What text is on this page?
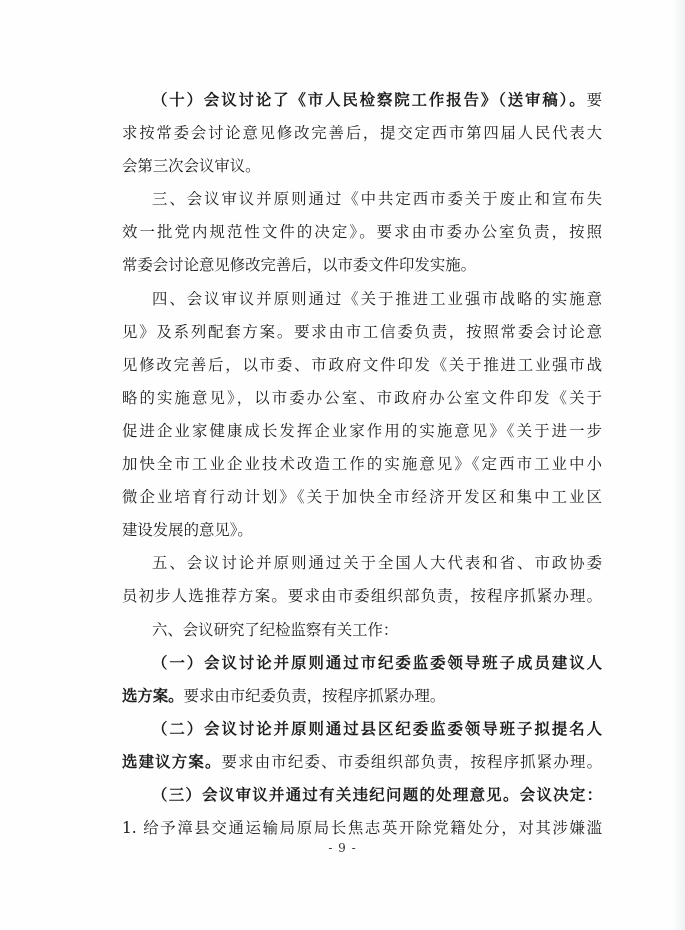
（十）会议讨论了《市人民检察院工作报告》（送审稿）。要
求按常委会讨论意见修改完善后，提交定西市第四届人民代表大
会第三次会议审议。
三、会议审议并原则通过《中共定西市委关于废止和宣布失
效一批党内规范性文件的决定》。要求由市委办公室负责，按照
常委会讨论意见修改完善后，以市委文件印发实施。
四、会议审议并原则通过《关于推进工业强市战略的实施意
见》及系列配套方案。要求由市工信委负责，按照常委会讨论意
见修改完善后，以市委、市政府文件印发《关于推进工业强市战
略的实施意见》，以市委办公室、市政府办公室文件印发《关于
促进企业家健康成长发挥企业家作用的实施意见》《关于进一步
加快全市工业企业技术改造工作的实施意见》《定西市工业中小
微企业培育行动计划》《关于加快全市经济开发区和集中工业区
建设发展的意见》。
五、会议讨论并原则通过关于全国人大代表和省、市政协委
员初步人选推荐方案。要求由市委组织部负责，按程序抓紧办理。
六、会议研究了纪检监察有关工作：
（一）会议讨论并原则通过市纪委监委领导班子成员建议人
选方案。要求由市纪委负责，按程序抓紧办理。
（二）会议讨论并原则通过县区纪委监委领导班子拟提名人
选建议方案。要求由市纪委、市委组织部负责，按程序抓紧办理。
（三）会议审议并通过有关违纪问题的处理意见。会议决定：
1. 给予漳县交通运输局原局长焦志英开除党籍处分，对其涉嫌滥
- 9 -
